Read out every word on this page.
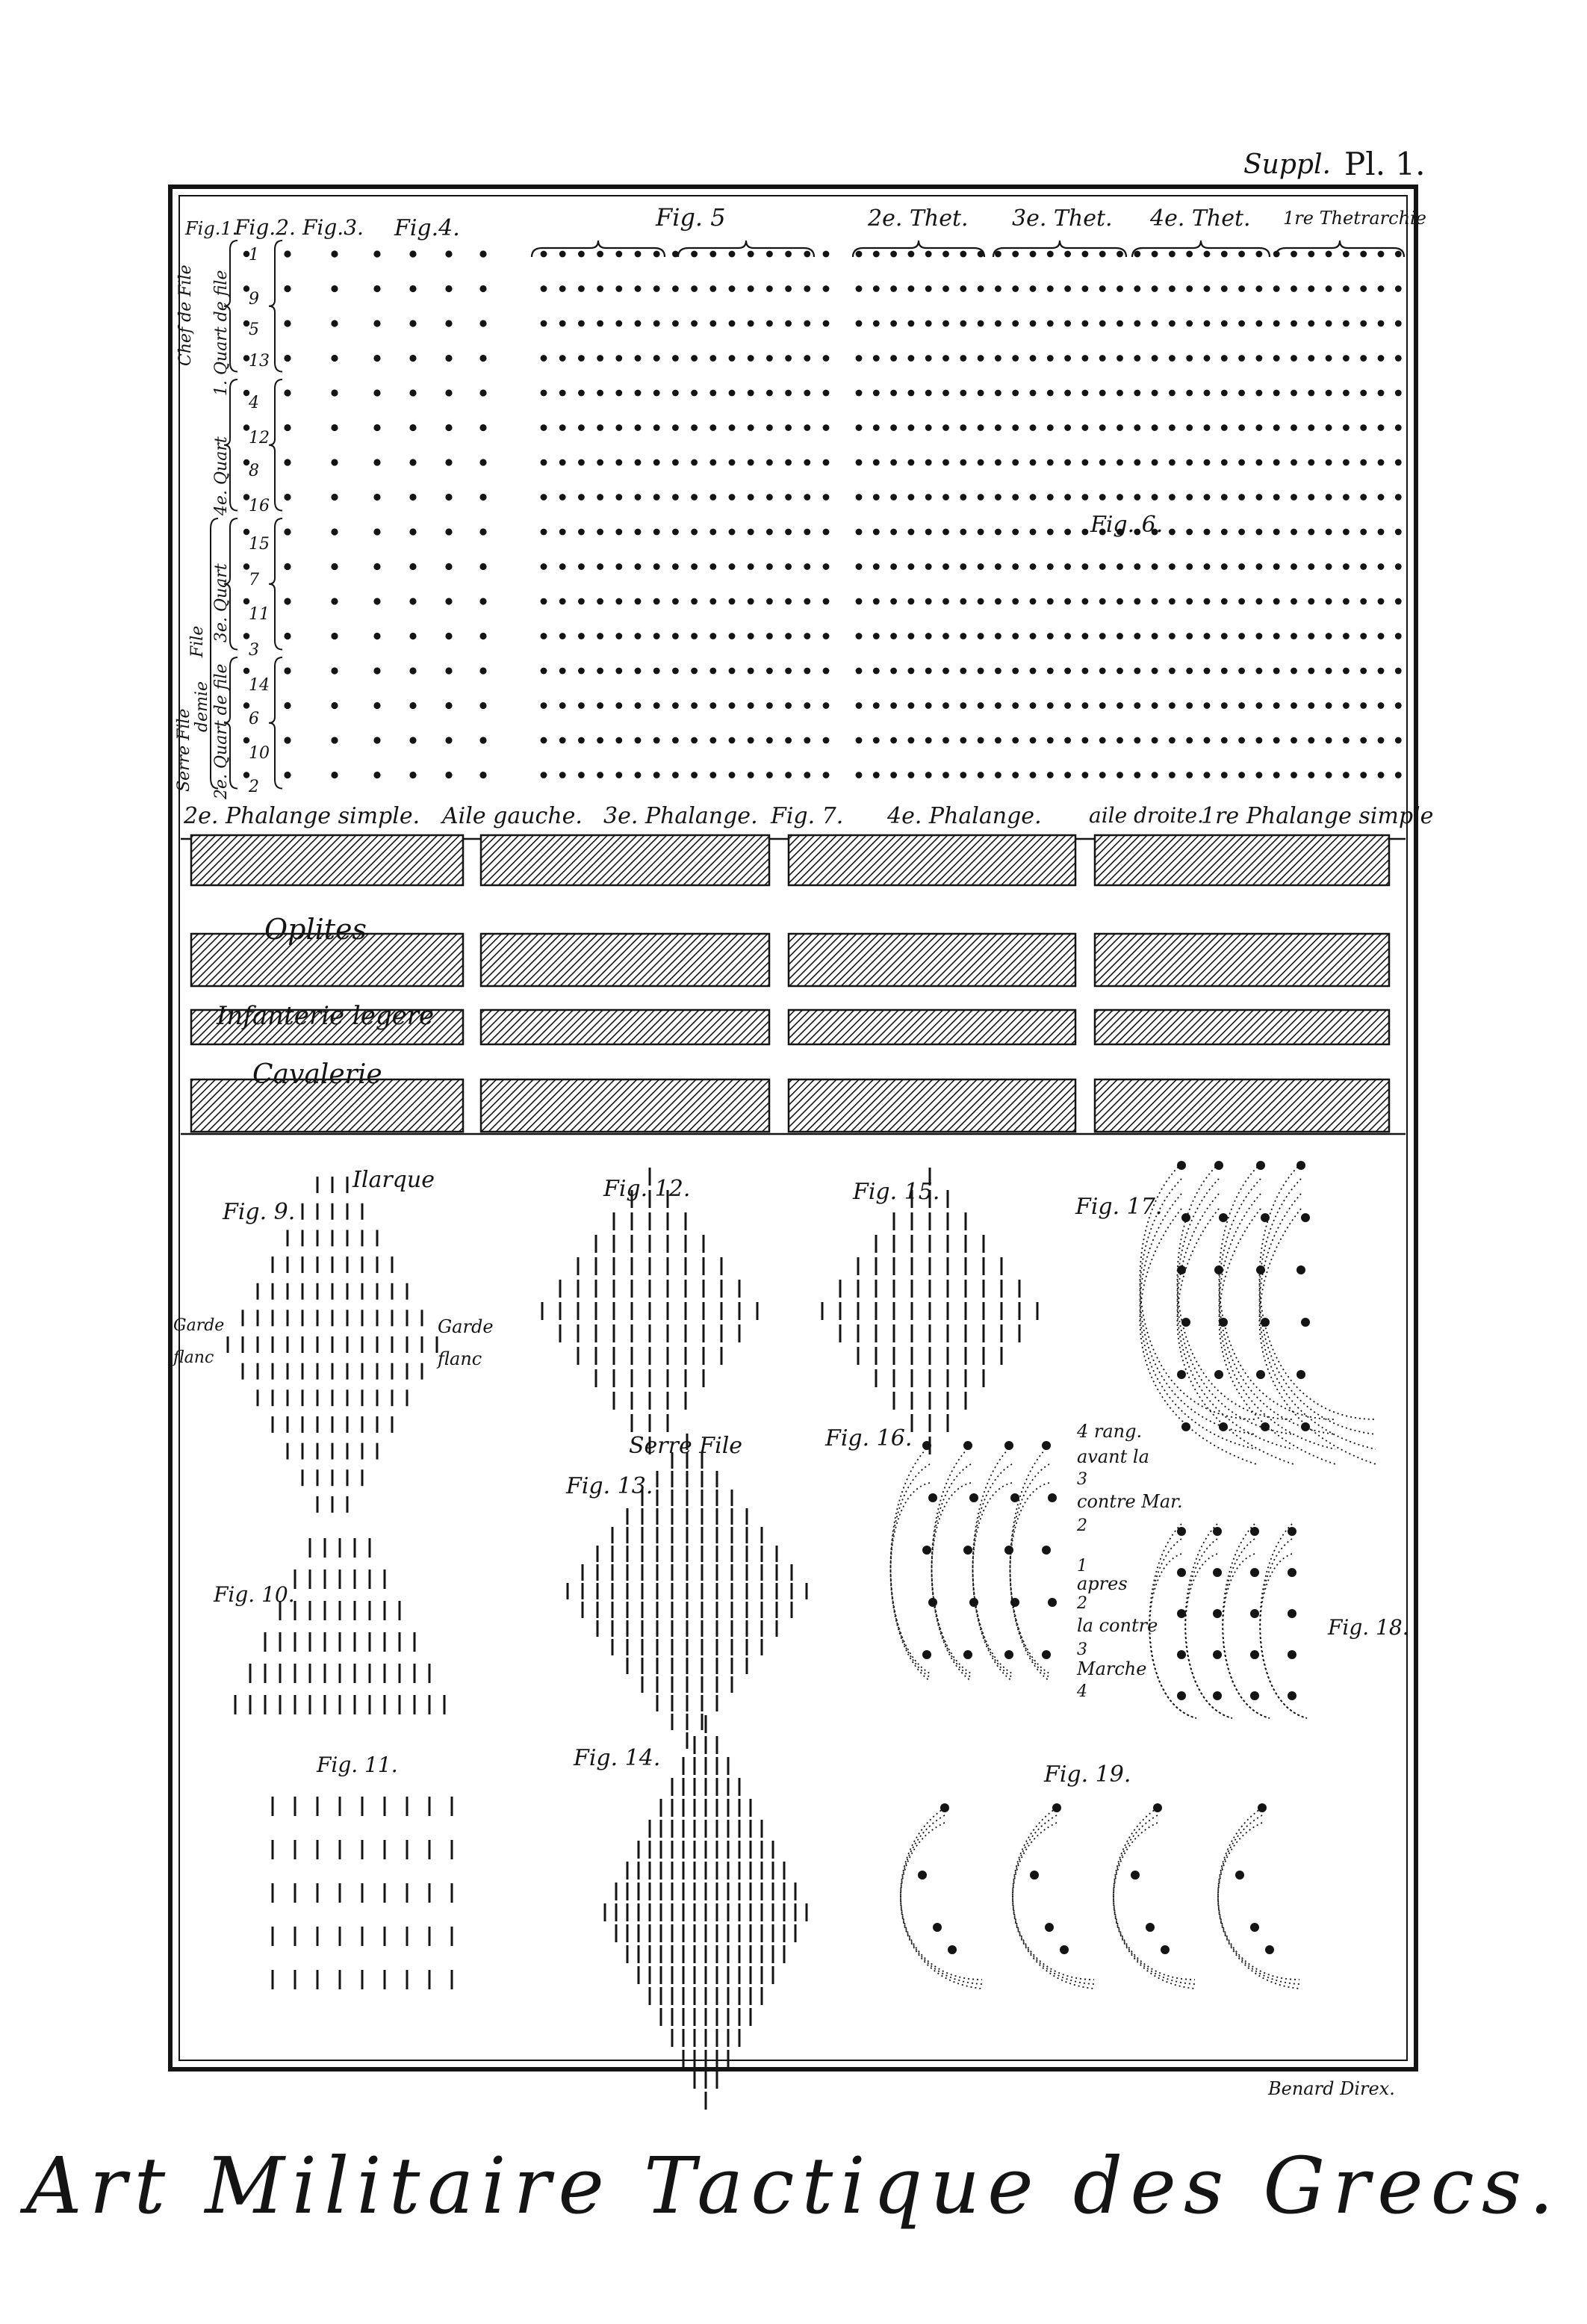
Suppl. Pl. 1.
Fig.1.
Fig.2. Fig.3. Fig.4.	Fig. 5	2e. Thet. 3e. Thet. 4e. Thet. 1re Thetrarchie
Chef de File 1. Quart de file
4e. Quart
Serre File
File 3e. Quart
demie 2e. Quart de file
1
9
5
13
4
12
8
16
15
7
11
3
14
6
10
2
Fig. 6.
2e. Phalange simple. Aile gauche. 3e. Phalange. Fig. 7. 4e. Phalange. aile droite.
1re Phalange simple
Oplites
Infanterie legere
Cavalerie
Fig. 9.
Ilarque
Garde
flanc
Garde
flanc
Fig. 10.
Fig. 11.
Fig. 12.
Serre File
Fig. 13.
Fig. 14.
Fig. 15.
Fig. 16.
Fig. 17.
Fig. 18.
Fig. 19.
4 rang.
avant la
3
contre Mar.
2
1
apres
2
la contre
3
Marche
4
Benard Direx.
Art Militaire Tactique des Grecs.
